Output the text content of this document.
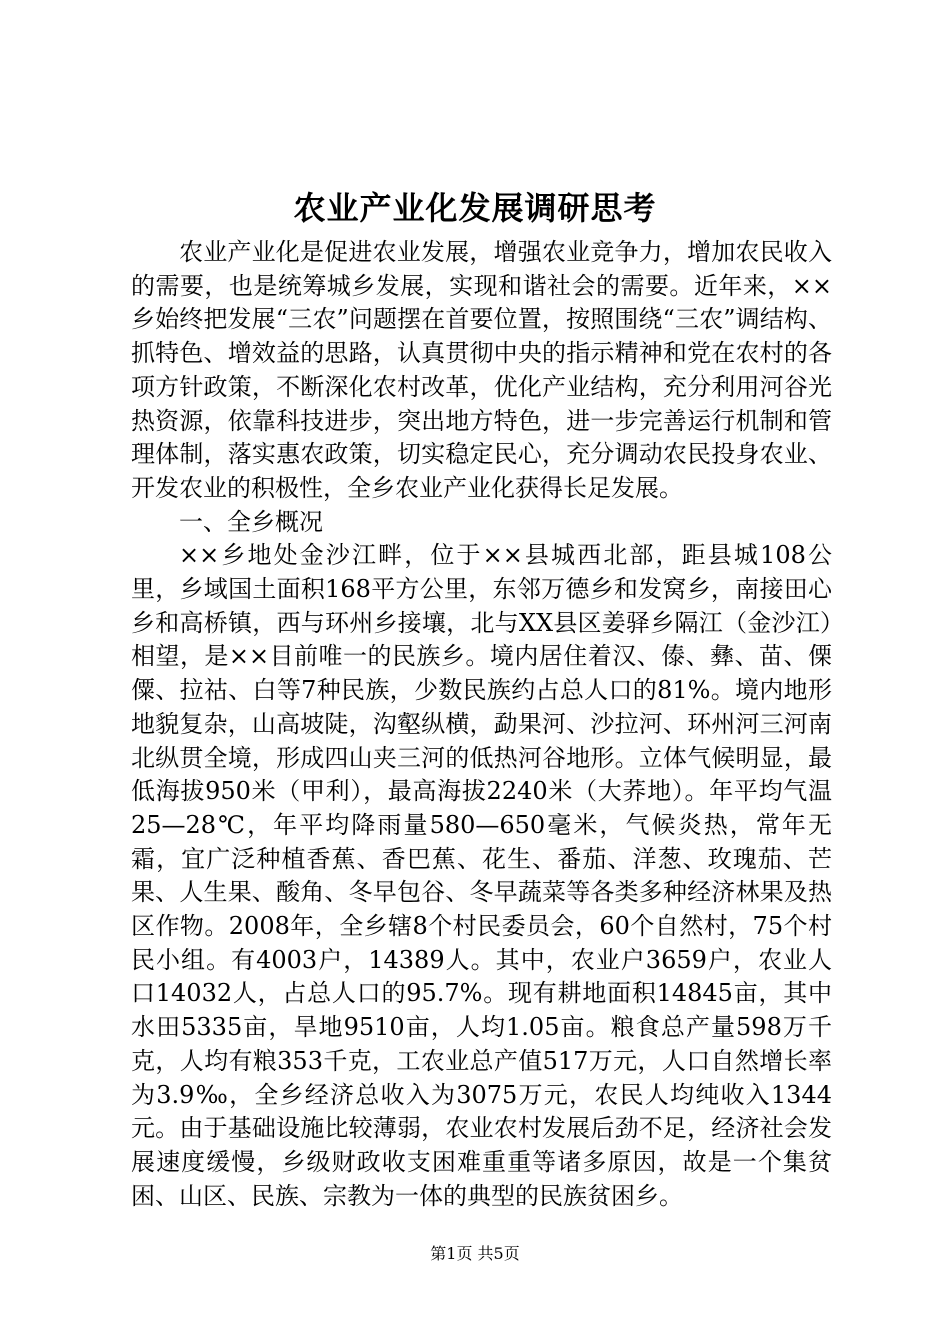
农业产业化发展调研思考

农业产业化是促进农业发展，增强农业竞争力，增加农民收入的需要，也是统筹城乡发展，实现和谐社会的需要。近年来，××乡始终把发展“三农”问题摆在首要位置，按照围绕“三农”调结构、抓特色、增效益的思路，认真贯彻中央的指示精神和党在农村的各项方针政策，不断深化农村改革，优化产业结构，充分利用河谷光热资源，依靠科技进步，突出地方特色，进一步完善运行机制和管理体制，落实惠农政策，切实稳定民心，充分调动农民投身农业、开发农业的积极性，全乡农业产业化获得长足发展。

一、全乡概况

××乡地处金沙江畔，位于××县城西北部，距县城108公里，乡域国土面积168平方公里，东邻万德乡和发窝乡，南接田心乡和高桥镇，西与环州乡接壤，北与XX县区姜驿乡隔江（金沙江）相望，是××目前唯一的民族乡。境内居住着汉、傣、彝、苗、傈僳、拉祜、白等7种民族，少数民族约占总人口的81%。境内地形地貌复杂，山高坡陡，沟壑纵横，勐果河、沙拉河、环州河三河南北纵贯全境，形成四山夹三河的低热河谷地形。立体气候明显，最低海拔950米（甲利），最高海拔2240米（大荞地）。年平均气温25—28℃，年平均降雨量580—650毫米，气候炎热，常年无霜，宜广泛种植香蕉、香巴蕉、花生、番茄、洋葱、玫瑰茄、芒果、人生果、酸角、冬早包谷、冬早蔬菜等各类多种经济林果及热区作物。2008年，全乡辖8个村民委员会，60个自然村，75个村民小组。有4003户，14389人。其中，农业户3659户，农业人口14032人，占总人口的95.7%。现有耕地面积14845亩，其中水田5335亩，旱地9510亩，人均1.05亩。粮食总产量598万千克，人均有粮353千克，工农业总产值517万元，人口自然增长率为3.9‰，全乡经济总收入为3075万元，农民人均纯收入1344元。由于基础设施比较薄弱，农业农村发展后劲不足，经济社会发展速度缓慢，乡级财政收支困难重重等诸多原因，故是一个集贫困、山区、民族、宗教为一体的典型的民族贫困乡。

第1页 共5页
